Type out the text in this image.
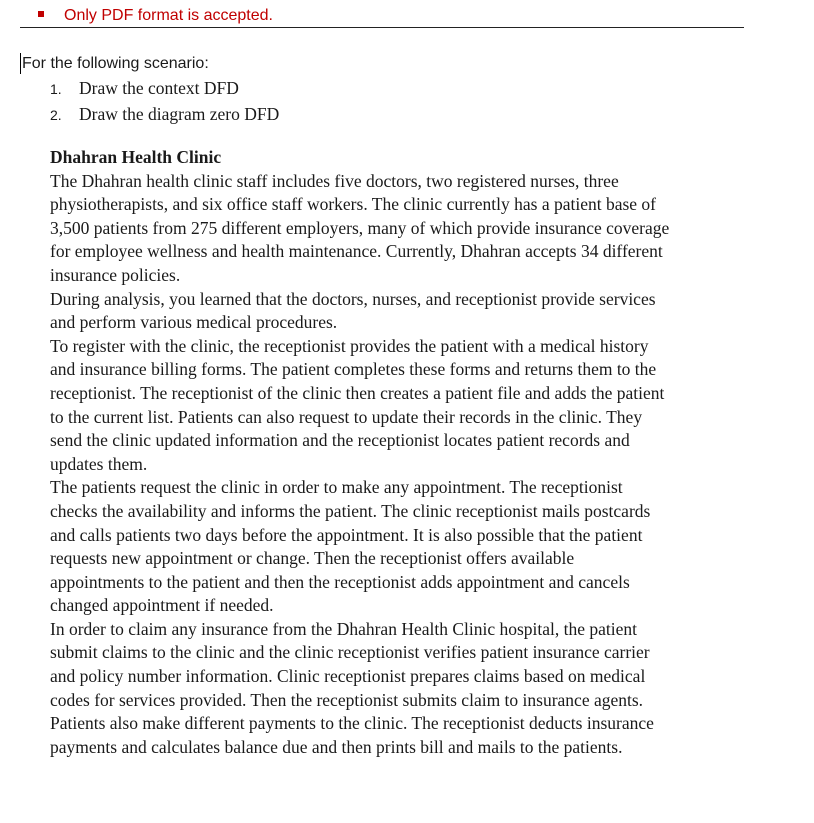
Only PDF format is accepted.
For the following scenario:
1. Draw the context DFD
2. Draw the diagram zero DFD
Dhahran Health Clinic
The Dhahran health clinic staff includes five doctors, two registered nurses, three
physiotherapists, and six office staff workers. The clinic currently has a patient base of
3,500 patients from 275 different employers, many of which provide insurance coverage
for employee wellness and health maintenance. Currently, Dhahran accepts 34 different
insurance policies.
During analysis, you learned that the doctors, nurses, and receptionist provide services
and perform various medical procedures.
To register with the clinic, the receptionist provides the patient with a medical history
and insurance billing forms. The patient completes these forms and returns them to the
receptionist. The receptionist of the clinic then creates a patient file and adds the patient
to the current list. Patients can also request to update their records in the clinic. They
send the clinic updated information and the receptionist locates patient records and
updates them.
The patients request the clinic in order to make any appointment. The receptionist
checks the availability and informs the patient. The clinic receptionist mails postcards
and calls patients two days before the appointment. It is also possible that the patient
requests new appointment or change. Then the receptionist offers available
appointments to the patient and then the receptionist adds appointment and cancels
changed appointment if needed.
In order to claim any insurance from the Dhahran Health Clinic hospital, the patient
submit claims to the clinic and the clinic receptionist verifies patient insurance carrier
and policy number information. Clinic receptionist prepares claims based on medical
codes for services provided. Then the receptionist submits claim to insurance agents.
Patients also make different payments to the clinic. The receptionist deducts insurance
payments and calculates balance due and then prints bill and mails to the patients.
